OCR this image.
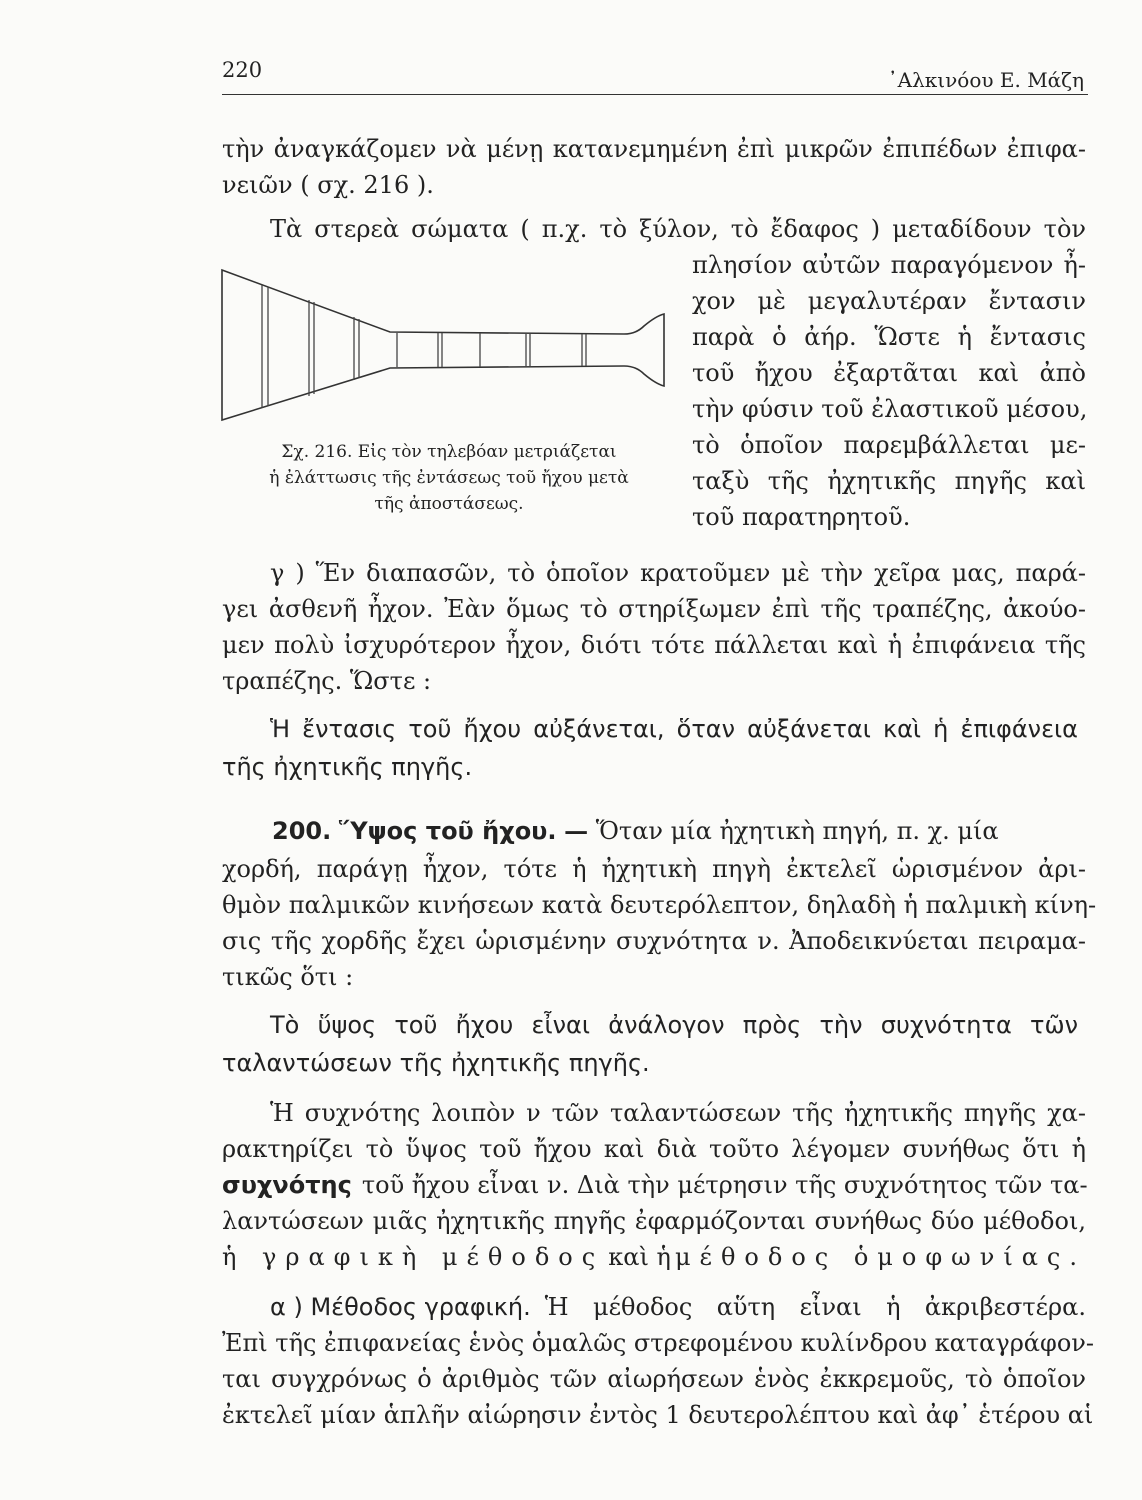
220	᾿Αλκινόου Ε. Μάζη
τὴν ἀναγκάζομεν νὰ μένῃ κατανεμημένη ἐπὶ μικρῶν ἐπιπέδων ἐπιφα-
νειῶν ( σχ. 216 ).
Τὰ στερεὰ σώματα ( π.χ. τὸ ξύλον, τὸ ἔδαφος ) μεταδίδουν τὸν
πλησίον αὐτῶν παραγόμενον ἦ-
χον μὲ μεγαλυτέραν ἔντασιν
παρὰ ὁ ἀήρ. Ὥστε ἡ ἔντασις
τοῦ ἤχου ἐξαρτᾶται καὶ ἀπὸ
τὴν φύσιν τοῦ ἐλαστικοῦ μέσου,
τὸ ὁποῖον παρεμβάλλεται με-
ταξὺ τῆς ἠχητικῆς πηγῆς καὶ
τοῦ παρατηρητοῦ.
Σχ. 216. Εἰς τὸν τηλεβόαν μετριάζεται
ἡ ἐλάττωσις τῆς ἐντάσεως τοῦ ἤχου μετὰ
τῆς ἀποστάσεως.
γ ) Ἕν διαπασῶν, τὸ ὁποῖον κρατοῦμεν μὲ τὴν χεῖρα μας, παρά-
γει ἀσθενῆ ἦχον. Ἐὰν ὅμως τὸ στηρίξωμεν ἐπὶ τῆς τραπέζης, ἀκούο-
μεν πολὺ ἰσχυρότερον ἦχον, διότι τότε πάλλεται καὶ ἡ ἐπιφάνεια τῆς
τραπέζης. Ὥστε :
Ἡ ἔντασις τοῦ ἤχου αὐξάνεται, ὅταν αὐξάνεται καὶ ἡ ἐπιφάνεια
τῆς ἠχητικῆς πηγῆς.
200. Ὕψος τοῦ ἤχου. — Ὅταν μία ἠχητικὴ πηγή, π. χ. μία
χορδή, παράγῃ ἦχον, τότε ἡ ἠχητικὴ πηγὴ ἐκτελεῖ ὡρισμένον ἀρι-
θμὸν παλμικῶν κινήσεων κατὰ δευτερόλεπτον, δηλαδὴ ἡ παλμικὴ κίνη-
σις τῆς χορδῆς ἔχει ὡρισμένην συχνότητα ν. Ἀποδεικνύεται πειραμα-
τικῶς ὅτι :
Τὸ ὕψος τοῦ ἤχου εἶναι ἀνάλογον πρὸς τὴν συχνότητα τῶν
ταλαντώσεων τῆς ἠχητικῆς πηγῆς.
Ἡ συχνότης λοιπὸν ν τῶν ταλαντώσεων τῆς ἠχητικῆς πηγῆς χα-
ρακτηρίζει τὸ ὕψος τοῦ ἤχου καὶ διὰ τοῦτο λέγομεν συνήθως ὅτι ἡ
συχνότης τοῦ ἤχου εἶναι ν. Διὰ τὴν μέτρησιν τῆς συχνότητος τῶν τα-
λαντώσεων μιᾶς ἠχητικῆς πηγῆς ἐφαρμόζονται συνήθως δύο μέθοδοι,
ἡ γραφικὴ μέθοδος καὶ ἡ μέθοδος ὁμοφωνίας.
α ) Μέθοδος γραφική. Ἡ μέθοδος αὕτη εἶναι ἡ ἀκριβεστέρα.
Ἐπὶ τῆς ἐπιφανείας ἑνὸς ὁμαλῶς στρεφομένου κυλίνδρου καταγράφον-
ται συγχρόνως ὁ ἀριθμὸς τῶν αἰωρήσεων ἑνὸς ἐκκρεμοῦς, τὸ ὁποῖον
ἐκτελεῖ μίαν ἁπλῆν αἰώρησιν ἐντὸς 1 δευτερολέπτου καὶ ἀφ᾿ ἑτέρου αἱ
